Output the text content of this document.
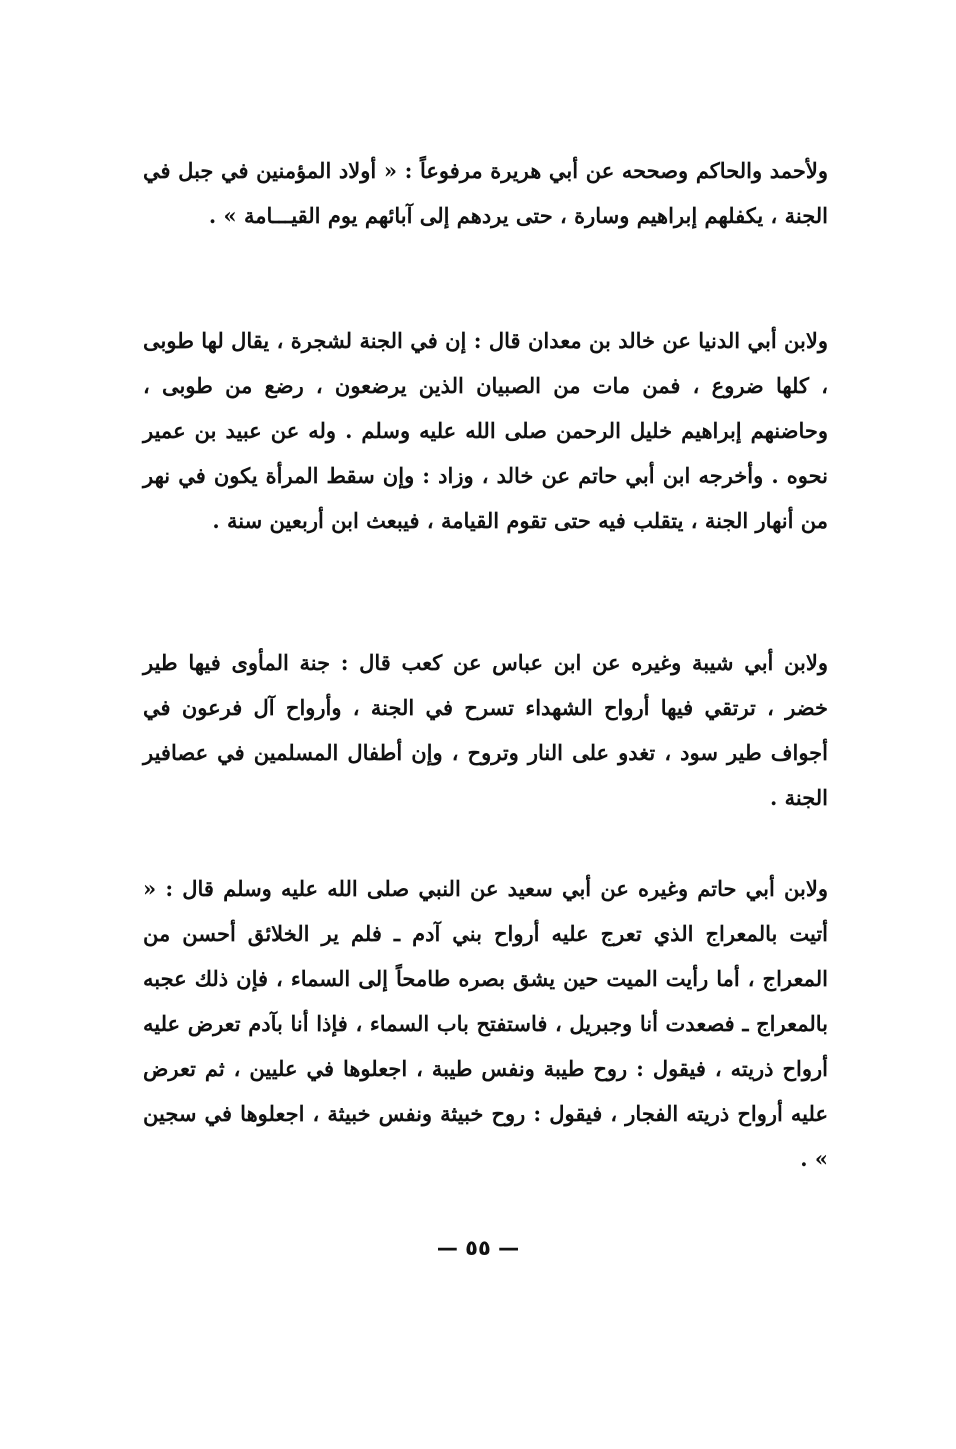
ولأحمد والحاكم وصححه عن أبي هريرة مرفوعاً : « أولاد المؤمنين في جبل في الجنة ، يكفلهم إبراهيم وسارة ، حتى يردهم إلى آبائهم يوم القيـــامة » .

ولابن أبي الدنيا عن خالد بن معدان قال : إن في الجنة لشجرة ، يقال لها طوبى ، كلها ضروع ، فمن مات من الصبيان الذين يرضعون ، رضع من طوبى ، وحاضنهم إبراهيم خليل الرحمن صلى الله عليه وسلم . وله عن عبيد بن عمير نحوه . وأخرجه ابن أبي حاتم عن خالد ، وزاد : وإن سقط المرأة يكون في نهر من أنهار الجنة ، يتقلب فيه حتى تقوم القيامة ، فيبعث ابن أربعين سنة .

ولابن أبي شيبة وغيره عن ابن عباس عن كعب قال : جنة المأوى فيها طير خضر ، ترتقي فيها أرواح الشهداء تسرح في الجنة ، وأرواح آل فرعون في أجواف طير سود ، تغدو على النار وتروح ، وإن أطفال المسلمين في عصافير الجنة .

ولابن أبي حاتم وغيره عن أبي سعيد عن النبي صلى الله عليه وسلم قال : « أتيت بالمعراج الذي تعرج عليه أرواح بني آدم ـ فلم ير الخلائق أحسن من المعراج ، أما رأيت الميت حين يشق بصره طامحاً إلى السماء ، فإن ذلك عجبه بالمعراج ـ فصعدت أنا وجبريل ، فاستفتح باب السماء ، فإذا أنا بآدم تعرض عليه أرواح ذريته ، فيقول : روح طيبة ونفس طيبة ، اجعلوها في عليين ، ثم تعرض عليه أرواح ذريته الفجار ، فيقول : روح خبيثة ونفس خبيثة ، اجعلوها في سجين » .

— ٥٥ —
